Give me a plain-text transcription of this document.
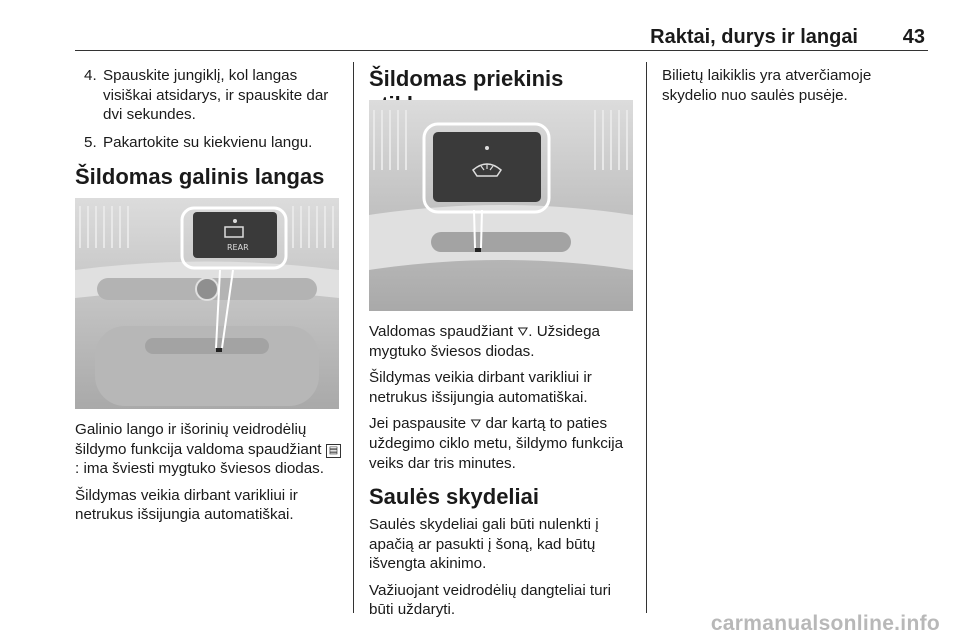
Raktai, durys ir langai 43
4. Spauskite jungiklį, kol langas visiškai atsidarys, ir spauskite dar dvi sekundes.
5. Pakartokite su kiekvienu langu.
Šildomas galinis langas
REAR

Galinio lango ir išorinių veidrodėlių šildymo funkcija valdoma spaudžiant ▤: ima šviesti mygtuko šviesos diodas.

Šildymas veikia dirbant varikliui ir netrukus išsijungia automatiškai.

Šildomas priekinis

Valdomas spaudžiant ⛛. Užsidega mygtuko šviesos diodas.

Šildymas veikia dirbant varikliui ir netrukus išsijungia automatiškai.

Jei paspausite ⛛ dar kartą to paties uždegimo ciklo metu, šildymo funkcija veiks dar tris minutes.

Saulės skydeliai

Saulės skydeliai gali būti nulenkti į apačią ar pasukti į šoną, kad būtų išvengta akinimo.

Važiuojant veidrodėlių dangteliai turi būti uždaryti.

Bilietų laikiklis yra atverčiamoje skydelio nuo saulės pusėje.

carmanualsonline.info
